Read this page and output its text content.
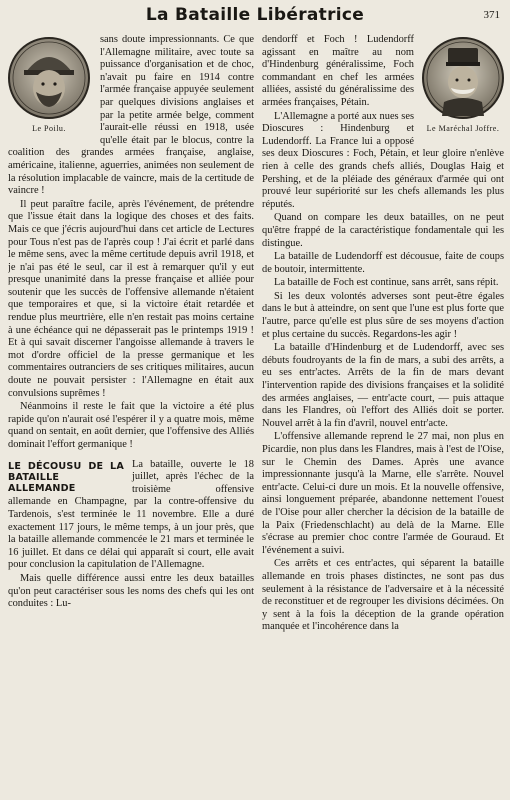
La Bataille Libératrice	371
Le Poilu.

sans doute impressionnants. Ce que l'Allemagne militaire, avec toute sa puissance d'organisation et de choc, n'avait pu faire en 1914 contre l'armée française appuyée seulement par quelques divisions anglaises et par la petite armée belge, comment l'aurait-elle réussi en 1918, usée qu'elle était par le blocus, contre la coalition des grandes armées française, anglaise, américaine, italienne, aguerries, animées non seulement de la résolution implacable de vaincre, mais de la certitude de vaincre !

Il peut paraître facile, après l'événement, de prétendre que l'issue était dans la logique des choses et des faits. Mais ce que j'écris aujourd'hui dans cet article de Lectures pour Tous n'est pas de l'après coup ! J'ai écrit et parlé dans le même sens, avec la même certitude depuis avril 1918, et je n'ai pas été le seul, car il est à remarquer qu'il y eut presque unanimité dans la presse française et alliée pour soutenir que les succès de l'offensive allemande n'étaient que temporaires et que, si la victoire était retardée et rendue plus meurtrière, elle n'en restait pas moins certaine à une échéance qui ne dépasserait pas le printemps 1919 ! Et à qui savait discerner l'angoisse allemande à travers le mot d'ordre officiel de la presse germanique et les commentaires outranciers de ses critiques militaires, aucun doute ne pouvait persister : l'Allemagne en était aux convulsions suprêmes !

Néanmoins il reste le fait que la victoire a été plus rapide qu'on n'aurait osé l'espérer il y a quatre mois, même quand on sentait, en août dernier, que l'offensive des Alliés dominait l'effort germanique !

LE DÉCOUSU DE LA BATAILLE ALLEMANDE

La bataille, ouverte le 18 juillet, après l'échec de la troisième offensive allemande en Champagne, par la contre-offensive du Tardenois, s'est terminée le 11 novembre. Elle a duré exactement 117 jours, le même temps, à un jour près, que la bataille allemande commencée le 21 mars et terminée le 16 juillet. Et dans ce délai qui apparaît si court, elle avait pour conclusion la capitulation de l'Allemagne.

Mais quelle différence aussi entre les deux batailles qu'on peut caractériser sous les noms des chefs qui les ont conduites : Lu-

Le Maréchal Joffre.

dendorff et Foch ! Ludendorff agissant en maître au nom d'Hindenburg généralissime, Foch commandant en chef les armées alliées, assisté du généralissime des armées françaises, Pétain.

L'Allemagne a porté aux nues ses Dioscures : Hindenburg et Ludendorff. La France lui a opposé ses deux Dioscures : Foch, Pétain, et leur gloire n'enlève rien à celle des grands chefs alliés, Douglas Haig et Pershing, et de la pléiade des généraux d'armée qui ont prouvé leur supériorité sur les chefs allemands les plus réputés.

Quand on compare les deux batailles, on ne peut qu'être frappé de la caractéristique fondamentale qui les distingue.

La bataille de Ludendorff est décousue, faite de coups de boutoir, intermittente.

La bataille de Foch est continue, sans arrêt, sans répit.

Si les deux volontés adverses sont peut-être égales dans le but à atteindre, on sent que l'une est plus forte que l'autre, parce qu'elle est plus sûre de ses moyens d'action et plus certaine du succès. Regardons-les agir !

La bataille d'Hindenburg et de Ludendorff, avec ses débuts foudroyants de la fin de mars, a subi des arrêts, a eu ses entr'actes. Arrêts de la fin de mars devant l'intervention rapide des divisions françaises et la solidité des armées anglaises, — entr'acte court, — puis attaque dans les Flandres, où l'effort des Alliés doit se porter. Nouvel arrêt à la fin d'avril, nouvel entr'acte.

L'offensive allemande reprend le 27 mai, non plus en Picardie, non plus dans les Flandres, mais à l'est de l'Oise, sur le Chemin des Dames. Après une avance impressionnante jusqu'à la Marne, elle s'arrête. Nouvel entr'acte. Celui-ci dure un mois. Et la nouvelle offensive, ainsi longuement préparée, abandonne nettement l'ouest de l'Oise pour aller chercher la décision de la bataille de la Paix (Friedenschlacht) au delà de la Marne. Elle s'écrase au premier choc contre l'armée de Gouraud. Et l'événement a suivi.

Ces arrêts et ces entr'actes, qui séparent la bataille allemande en trois phases distinctes, ne sont pas dus seulement à la résistance de l'adversaire et à la nécessité de reconstituer et de regrouper les divisions décimées. On y sent à la fois la déception de la grande opération manquée et l'incohérence dans la
